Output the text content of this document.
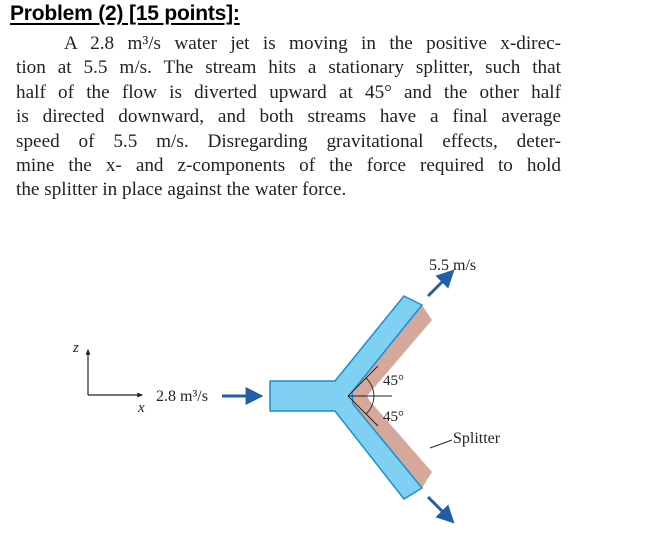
Problem (2) [15 points]:
A 2.8 m³/s water jet is moving in the positive x-direc-
tion at 5.5 m/s. The stream hits a stationary splitter, such that
half of the flow is diverted upward at 45° and the other half
is directed downward, and both streams have a final average
speed of 5.5 m/s. Disregarding gravitational effects, deter-
mine the x- and z-components of the force required to hold
the splitter in place against the water force.
z
x
2.8 m³/s
45°
45°
5.5 m/s
Splitter
